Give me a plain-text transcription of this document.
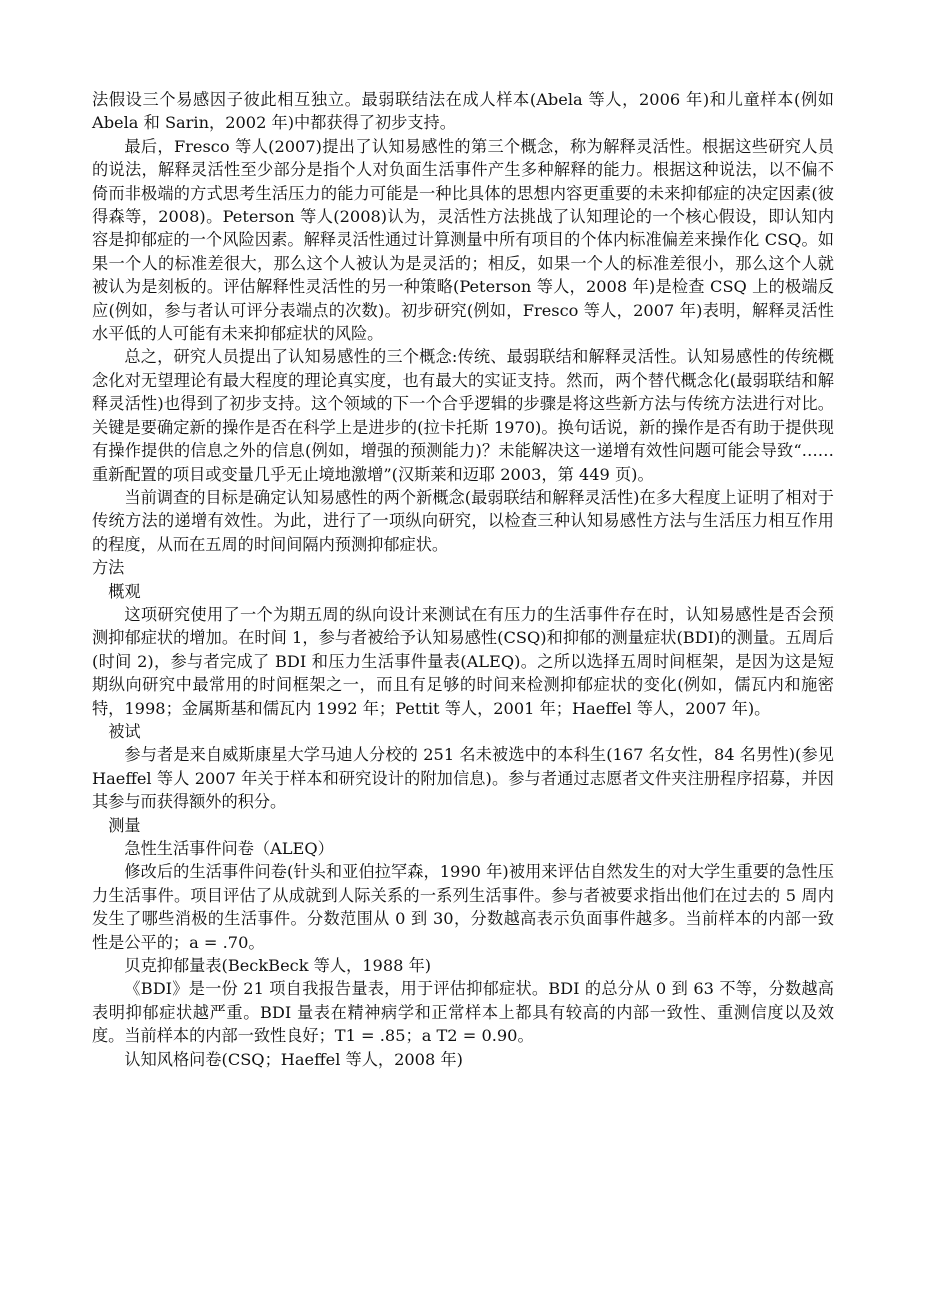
法假设三个易感因子彼此相互独立。最弱联结法在成人样本(Abela 等人，2006 年)和儿童样本(例如 Abela 和 Sarin，2002 年)中都获得了初步支持。

最后，Fresco 等人(2007)提出了认知易感性的第三个概念，称为解释灵活性。根据这些研究人员的说法，解释灵活性至少部分是指个人对负面生活事件产生多种解释的能力。根据这种说法，以不偏不倚而非极端的方式思考生活压力的能力可能是一种比具体的思想内容更重要的未来抑郁症的决定因素(彼得森等，2008)。Peterson 等人(2008)认为，灵活性方法挑战了认知理论的一个核心假设，即认知内容是抑郁症的一个风险因素。解释灵活性通过计算测量中所有项目的个体内标准偏差来操作化 CSQ。如果一个人的标准差很大，那么这个人被认为是灵活的；相反，如果一个人的标准差很小，那么这个人就被认为是刻板的。评估解释性灵活性的另一种策略(Peterson 等人，2008 年)是检查 CSQ 上的极端反应(例如，参与者认可评分表端点的次数)。初步研究(例如，Fresco 等人，2007 年)表明，解释灵活性水平低的人可能有未来抑郁症状的风险。

总之，研究人员提出了认知易感性的三个概念:传统、最弱联结和解释灵活性。认知易感性的传统概念化对无望理论有最大程度的理论真实度，也有最大的实证支持。然而，两个替代概念化(最弱联结和解释灵活性)也得到了初步支持。这个领域的下一个合乎逻辑的步骤是将这些新方法与传统方法进行对比。关键是要确定新的操作是否在科学上是进步的(拉卡托斯 1970)。换句话说，新的操作是否有助于提供现有操作提供的信息之外的信息(例如，增强的预测能力)？未能解决这一递增有效性问题可能会导致“……重新配置的项目或变量几乎无止境地激增”(汉斯莱和迈耶 2003，第 449 页)。

当前调查的目标是确定认知易感性的两个新概念(最弱联结和解释灵活性)在多大程度上证明了相对于传统方法的递增有效性。为此，进行了一项纵向研究，以检查三种认知易感性方法与生活压力相互作用的程度，从而在五周的时间间隔内预测抑郁症状。

方法

概观

这项研究使用了一个为期五周的纵向设计来测试在有压力的生活事件存在时，认知易感性是否会预测抑郁症状的增加。在时间 1，参与者被给予认知易感性(CSQ)和抑郁的测量症状(BDI)的测量。五周后(时间 2)，参与者完成了 BDI 和压力生活事件量表(ALEQ)。之所以选择五周时间框架，是因为这是短期纵向研究中最常用的时间框架之一，而且有足够的时间来检测抑郁症状的变化(例如，儒瓦内和施密特，1998；金属斯基和儒瓦内 1992 年；Pettit 等人，2001 年；Haeffel 等人，2007 年)。

被试

参与者是来自威斯康星大学马迪人分校的 251 名未被选中的本科生(167 名女性，84 名男性)(参见 Haeffel 等人 2007 年关于样本和研究设计的附加信息)。参与者通过志愿者文件夹注册程序招募，并因其参与而获得额外的积分。

测量

急性生活事件问卷（ALEQ）

修改后的生活事件问卷(针头和亚伯拉罕森，1990 年)被用来评估自然发生的对大学生重要的急性压力生活事件。项目评估了从成就到人际关系的一系列生活事件。参与者被要求指出他们在过去的 5 周内发生了哪些消极的生活事件。分数范围从 0 到 30，分数越高表示负面事件越多。当前样本的内部一致性是公平的；a = .70。

贝克抑郁量表(BeckBeck 等人，1988 年)

《BDI》是一份 21 项自我报告量表，用于评估抑郁症状。BDI 的总分从 0 到 63 不等，分数越高表明抑郁症状越严重。BDI 量表在精神病学和正常样本上都具有较高的内部一致性、重测信度以及效度。当前样本的内部一致性良好；T1 = .85；a T2 = 0.90。

认知风格问卷(CSQ；Haeffel 等人，2008 年)
